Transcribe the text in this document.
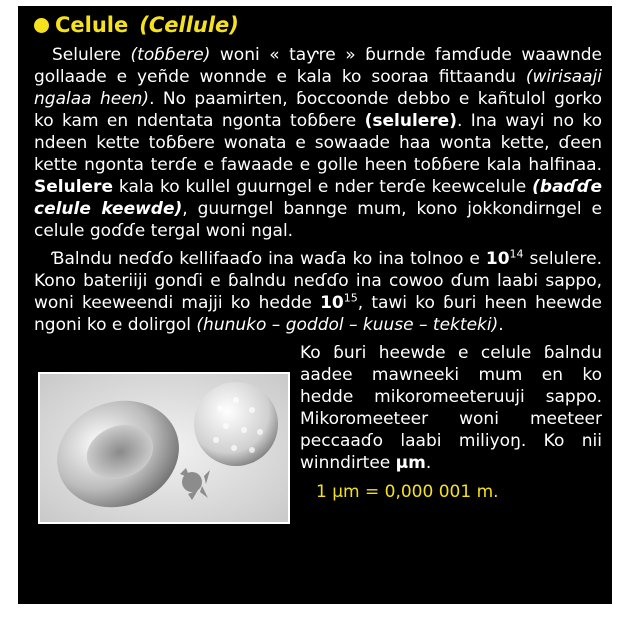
Celule (Cellule)

Selulere (toɓɓere) woni « taƴre » ɓurnde famɗude waawnde gollaade e yeñde wonnde e kala ko sooraa fittaandu (wirisaaji ngalaa heen). No paamirten, ɓoccoonde debbo e kañtulol gorko ko kam en ndentata ngonta toɓɓere (selulere). Ina wayi no ko ndeen kette toɓɓere wonata e sowaade haa wonta kette, ɗeen kette ngonta terɗe e fawaade e golle heen toɓɓere kala halfinaa. Selulere kala ko kullel guurngel e nder terɗe keewcelule (baɗɗe celule keewde), guurngel bannge mum, kono jokkondirngel e celule goɗɗe tergal woni ngal.

Ɓalndu neɗɗo kellifaaɗo ina waɗa ko ina tolnoo e $10^{14}$ selulere. Kono bateriiji gonɗi e ɓalndu neɗɗo ina cowoo ɗum laabi sappo, woni keeweendi majji ko hedde $10^{15}$, tawi ko ɓuri heen heewde ngoni ko e dolirgol (hunuko – goddol – kuuse – tekteki).

Ko ɓuri heewde e celule ɓalndu aadee mawneeki mum en ko hedde mikoromeeteruuji sappo. Mikoromeeteer woni meeteer peccaaɗo laabi miliyoŋ. Ko nii winndirtee µm.

1 µm = 0,000 001 m.
